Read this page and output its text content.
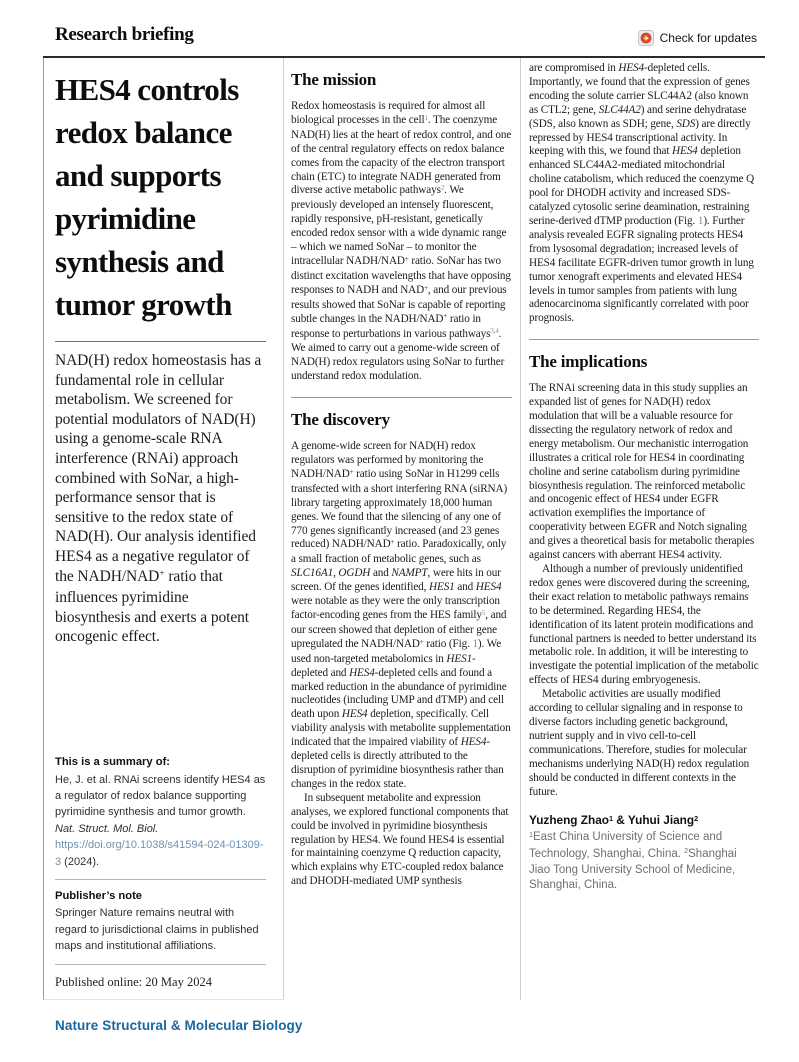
Research briefing	Check for updates
HES4 controls redox balance and supports pyrimidine synthesis and tumor growth

NAD(H) redox homeostasis has a fundamental role in cellular metabolism. We screened for potential modulators of NAD(H) using a genome-scale RNA interference (RNAi) approach combined with SoNar, a high-performance sensor that is sensitive to the redox state of NAD(H). Our analysis identified HES4 as a negative regulator of the NADH/NAD+ ratio that influences pyrimidine biosynthesis and exerts a potent oncogenic effect.

This is a summary of:

He, J. et al. RNAi screens identify HES4 as a regulator of redox balance supporting pyrimidine synthesis and tumor growth. Nat. Struct. Mol. Biol. https://doi.org/10.1038/s41594-024-01309-3 (2024).

Publisher’s note

Springer Nature remains neutral with regard to jurisdictional claims in published maps and institutional affiliations.

Published online: 20 May 2024
The mission

Redox homeostasis is required for almost all biological processes in the cell$^1$. The coenzyme NAD(H) lies at the heart of redox control, and one of the central regulatory effects on redox balance comes from the capacity of the electron transport chain (ETC) to integrate NADH generated from diverse active metabolic pathways$^2$. We previously developed an intensely fluorescent, rapidly responsive, pH-resistant, genetically encoded redox sensor with a wide dynamic range – which we named SoNar – to monitor the intracellular NADH/NAD+ ratio. SoNar has two distinct excitation wavelengths that have opposing responses to NADH and NAD+, and our previous results showed that SoNar is capable of reporting subtle changes in the NADH/NAD+ ratio in response to perturbations in various pathways$^{3,4}$. We aimed to carry out a genome-wide screen of NAD(H) redox regulators using SoNar to further understand redox modulation.

The discovery

A genome-wide screen for NAD(H) redox regulators was performed by monitoring the NADH/NAD+ ratio using SoNar in H1299 cells transfected with a short interfering RNA (siRNA) library targeting approximately 18,000 human genes. We found that the silencing of any one of 770 genes significantly increased (and 23 genes reduced) NADH/NAD+ ratio. Paradoxically, only a small fraction of metabolic genes, such as SLC16A1, OGDH and NAMPT, were hits in our screen. Of the genes identified, HES1 and HES4 were notable as they were the only transcription factor-encoding genes from the HES family$^5$, and our screen showed that depletion of either gene upregulated the NADH/NAD+ ratio (Fig. 1). We used non-targeted metabolomics in HES1-depleted and HES4-depleted cells and found a marked reduction in the abundance of pyrimidine nucleotides (including UMP and dTMP) and cell death upon HES4 depletion, specifically. Cell viability analysis with metabolite supplementation indicated that the impaired viability of HES4-depleted cells is directly attributed to the disruption of pyrimidine biosynthesis rather than changes in the redox state.

In subsequent metabolite and expression analyses, we explored functional components that could be involved in pyrimidine biosynthesis regulation by HES4. We found HES4 is essential for maintaining coenzyme Q reduction capacity, which explains why ETC-coupled redox balance and DHODH-mediated UMP synthesis

are compromised in HES4-depleted cells. Importantly, we found that the expression of genes encoding the solute carrier SLC44A2 (also known as CTL2; gene, SLC44A2) and serine dehydratase (SDS, also known as SDH; gene, SDS) are directly repressed by HES4 transcriptional activity. In keeping with this, we found that HES4 depletion enhanced SLC44A2-mediated mitochondrial choline catabolism, which reduced the coenzyme Q pool for DHODH activity and increased SDS-catalyzed cytosolic serine deamination, restraining serine-derived dTMP production (Fig. 1). Further analysis revealed EGFR signaling protects HES4 from lysosomal degradation; increased levels of HES4 facilitate EGFR-driven tumor growth in lung tumor xenograft experiments and elevated HES4 levels in tumor samples from patients with lung adenocarcinoma significantly correlated with poor prognosis.

The implications

The RNAi screening data in this study supplies an expanded list of genes for NAD(H) redox modulation that will be a valuable resource for dissecting the regulatory network of redox and energy metabolism. Our mechanistic interrogation illustrates a critical role for HES4 in coordinating choline and serine catabolism during pyrimidine biosynthesis regulation. The reinforced metabolic and oncogenic effect of HES4 under EGFR activation exemplifies the importance of cooperativity between EGFR and Notch signaling and gives a theoretical basis for metabolic therapies against cancers with aberrant HES4 activity.

Although a number of previously unidentified redox genes were discovered during the screening, their exact relation to metabolic pathways remains to be determined. Regarding HES4, the identification of its latent protein modifications and functional partners is needed to better understand its metabolic role. In addition, it will be interesting to investigate the potential implication of the metabolic effects of HES4 during embryogenesis.

Metabolic activities are usually modified according to cellular signaling and in response to diverse factors including genetic background, nutrient supply and in vivo cell-to-cell communications. Therefore, studies for molecular mechanisms underlying NAD(H) redox regulation should be conducted in different contexts in the future.

Yuzheng Zhao$^1$ & Yuhui Jiang$^2$
$^1$East China University of Science and Technology, Shanghai, China. $^2$Shanghai Jiao Tong University School of Medicine, Shanghai, China.
Nature Structural & Molecular Biology
